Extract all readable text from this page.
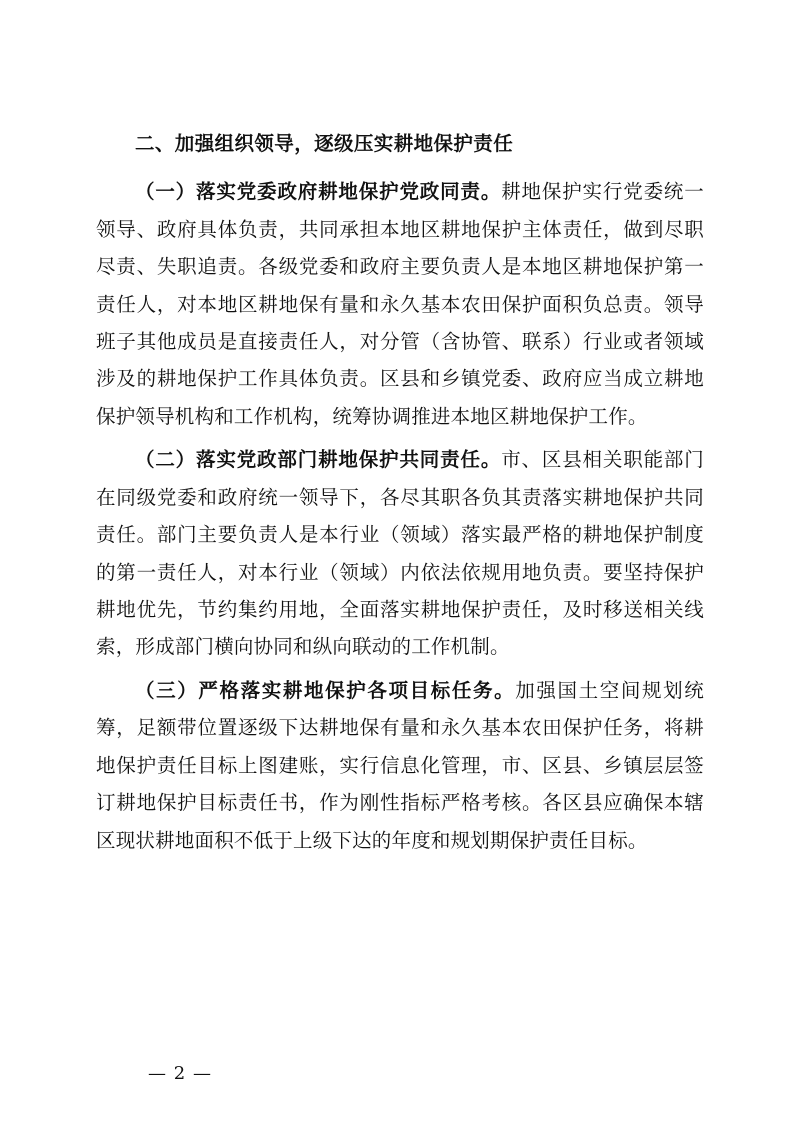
二、加强组织领导，逐级压实耕地保护责任

（一）落实党委政府耕地保护党政同责。耕地保护实行党委统一领导、政府具体负责，共同承担本地区耕地保护主体责任，做到尽职尽责、失职追责。各级党委和政府主要负责人是本地区耕地保护第一责任人，对本地区耕地保有量和永久基本农田保护面积负总责。领导班子其他成员是直接责任人，对分管（含协管、联系）行业或者领域涉及的耕地保护工作具体负责。区县和乡镇党委、政府应当成立耕地保护领导机构和工作机构，统筹协调推进本地区耕地保护工作。

（二）落实党政部门耕地保护共同责任。市、区县相关职能部门在同级党委和政府统一领导下，各尽其职各负其责落实耕地保护共同责任。部门主要负责人是本行业（领域）落实最严格的耕地保护制度的第一责任人，对本行业（领域）内依法依规用地负责。要坚持保护耕地优先，节约集约用地，全面落实耕地保护责任，及时移送相关线索，形成部门横向协同和纵向联动的工作机制。

（三）严格落实耕地保护各项目标任务。加强国土空间规划统筹，足额带位置逐级下达耕地保有量和永久基本农田保护任务，将耕地保护责任目标上图建账，实行信息化管理，市、区县、乡镇层层签订耕地保护目标责任书，作为刚性指标严格考核。各区县应确保本辖区现状耕地面积不低于上级下达的年度和规划期保护责任目标。

— 2 —
